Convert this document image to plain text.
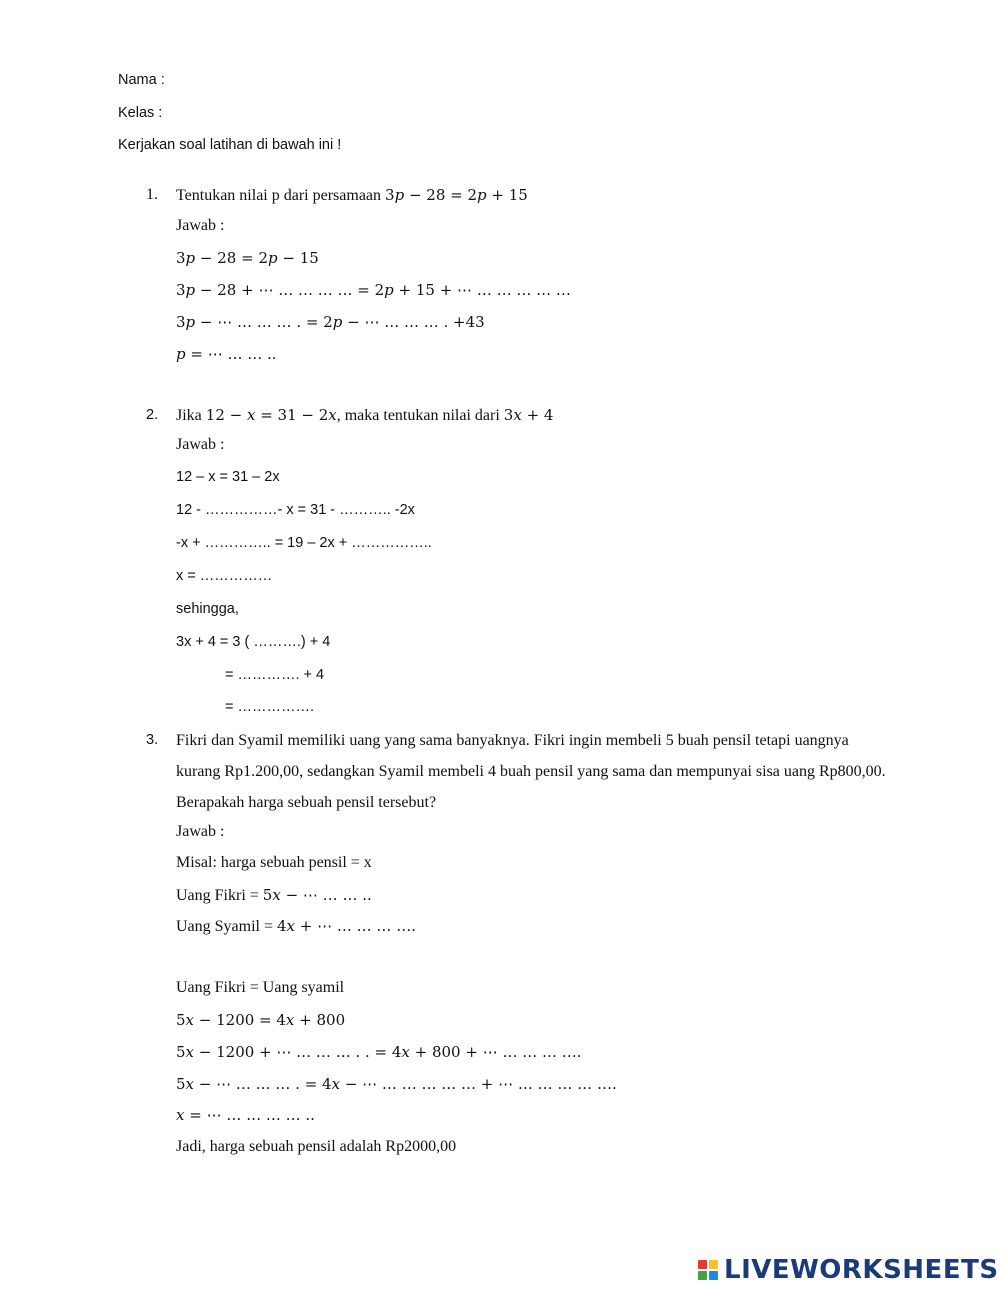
Nama :
Kelas :
Kerjakan soal latihan di bawah ini !
1. Tentukan nilai p dari persamaan 3𝑝 − 28 = 2𝑝 + 15
Jawab :
3𝑝 − 28 = 2𝑝 − 15
3𝑝 − 28 + ⋯ … … … … = 2𝑝 + 15 + ⋯ … … … … …
3𝑝 − ⋯ … … … . = 2𝑝 − ⋯ … … … . +43
𝑝 = ⋯ … … ..
2. Jika 12 − 𝑥 = 31 − 2𝑥, maka tentukan nilai dari 3𝑥 + 4
Jawab :
12 – x = 31 – 2x
12 - ……………- x = 31 - ……….. -2x
-x + ………….. = 19 – 2x + ……………..
x = ……………
sehingga,
3x + 4 = 3 ( ……….) + 4
= …………. + 4
= …………….
3. Fikri dan Syamil memiliki uang yang sama banyaknya. Fikri ingin membeli 5 buah pensil tetapi uangnya kurang Rp1.200,00, sedangkan Syamil membeli 4 buah pensil yang sama dan mempunyai sisa uang Rp800,00. Berapakah harga sebuah pensil tersebut?
Jawab :
Misal: harga sebuah pensil = x
Uang Fikri = 5𝑥 − ⋯ … … ..
Uang Syamil = 4𝑥 + ⋯ … … … ….
Uang Fikri = Uang syamil
5𝑥 − 1200 = 4𝑥 + 800
5𝑥 − 1200 + ⋯ … … … . . = 4𝑥 + 800 + ⋯ … … … ….
5𝑥 − ⋯ … … … . = 4𝑥 − ⋯ … … … … … + ⋯ … … … … ….
𝑥 = ⋯ … … … … ..
Jadi, harga sebuah pensil adalah Rp2000,00
LIVEWORKSHEETS
